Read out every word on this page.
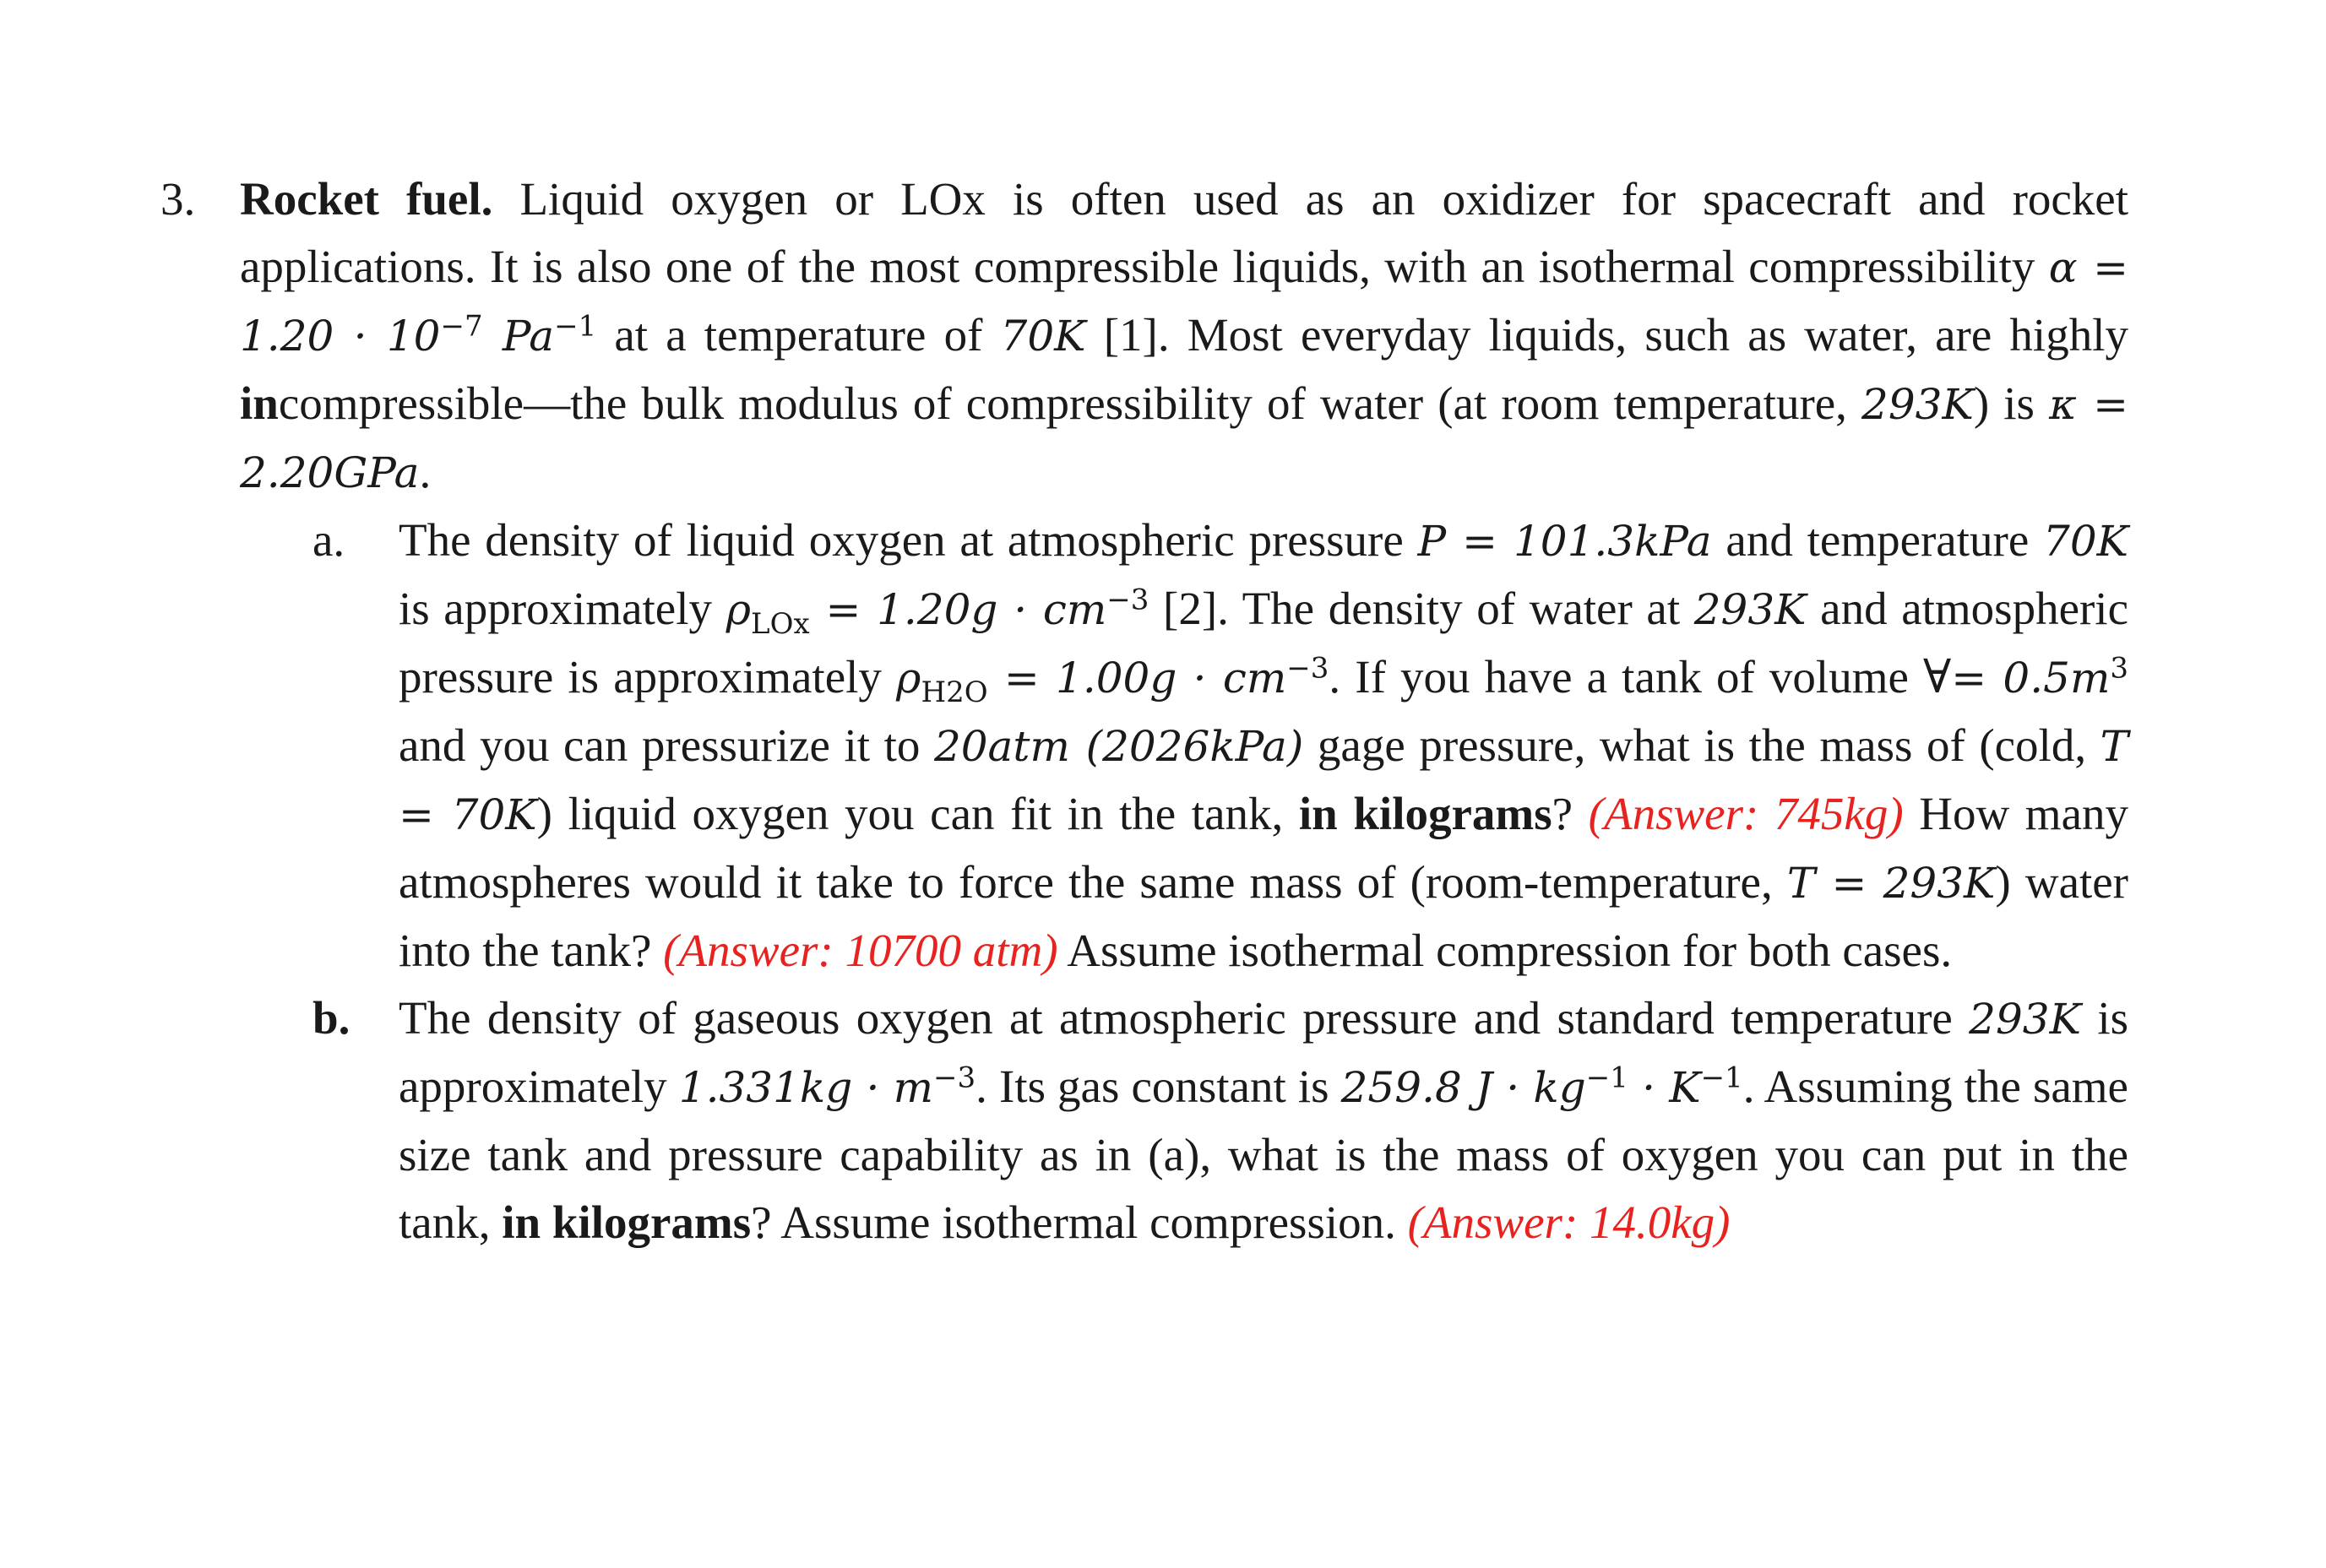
3. Rocket fuel. Liquid oxygen or LOx is often used as an oxidizer for spacecraft and rocket applications. It is also one of the most compressible liquids, with an isothermal compressibility $\alpha = 1.20 \cdot 10^{-7}$ $Pa^{-1}$ at a temperature of 70K [1]. Most everyday liquids, such as water, are highly incompressible—the bulk modulus of compressibility of water (at room temperature, 293K) is κ = 2.20GPa.
a. The density of liquid oxygen at atmospheric pressure P = 101.3kPa and temperature 70K is approximately $\rho_{LOx} = 1.20g \cdot cm^{-3}$ [2]. The density of water at 293K and atmospheric pressure is approximately $\rho_{H2O} = 1.00g \cdot cm^{-3}$. If you have a tank of volume ∀= $0.5m^3$ and you can pressurize it to 20atm (2026kPa) gage pressure, what is the mass of (cold, T = 70K) liquid oxygen you can fit in the tank, in kilograms? (Answer: 745kg) How many atmospheres would it take to force the same mass of (room-temperature, T = 293K) water into the tank? (Answer: 10700 atm) Assume isothermal compression for both cases.
b. The density of gaseous oxygen at atmospheric pressure and standard temperature 293K is approximately $1.331kg \cdot m^{-3}$. Its gas constant is 259.8 $J \cdot kg^{-1} \cdot K^{-1}$. Assuming the same size tank and pressure capability as in (a), what is the mass of oxygen you can put in the tank, in kilograms? Assume isothermal compression. (Answer: 14.0kg)
